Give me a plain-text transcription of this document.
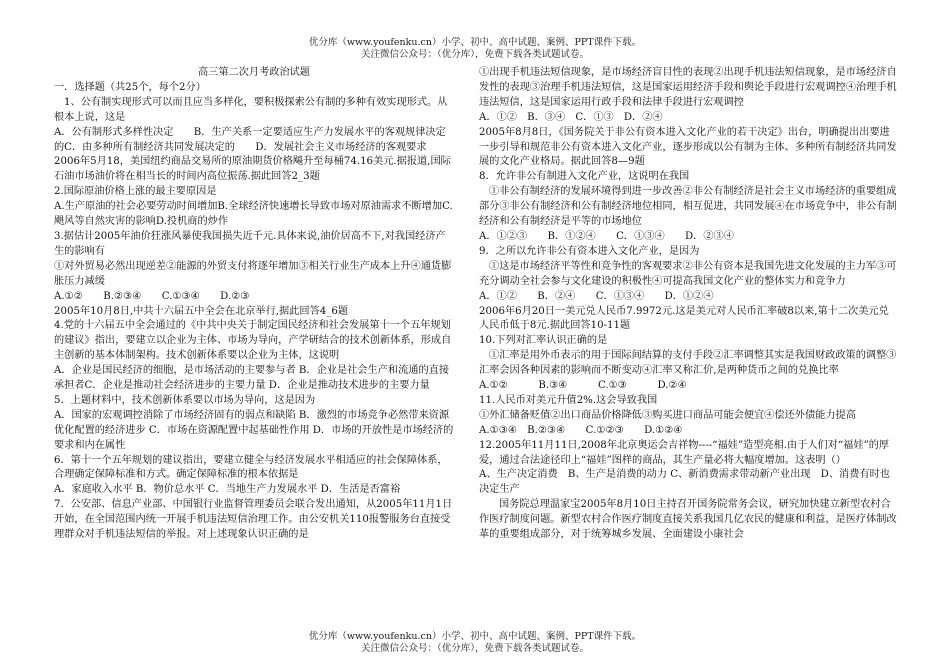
优分库（www.youfenku.cn）小学、初中、高中试题、案例、PPT课件下载。
关注微信公众号：（优分库），免费下载各类试题试卷。

高三第二次月考政治试题

一．选择题（共25个，每个2分）

1、公有制实现形式可以而且应当多样化，要积极探索公有制的多种有效实现形式。从根本上说，这是

A．公有制形式多样性决定　　B．生产关系一定要适应生产力发展水平的客观规律决定的C．由多种所有制经济共同发展决定的　　D．发展社会主义市场经济的客观要求

2006年5月18，美国纽约商品交易所的原油期货价格飚升至每桶74.16美元.据报道,国际石油市场油价将在相当长的时间内高位振荡.据此回答2_3题

2.国际原油价格上涨的最主要原因是

A.生产原油的社会必要劳动时间增加B.全球经济快速增长导致市场对原油需求不断增加C.飓风等自然灾害的影响D.投机商的炒作

3.据估计2005年油价狂涨风暴使我国损失近千元.具体来说,油价居高不下,对我国经济产生的影响有

①对外贸易必然出现逆差②能源的外贸支付将逐年增加③相关行业生产成本上升④通货膨胀压力减缓

A.①②　　B.②③④　　C.①③④　　D.②③

2005年10月8日,中共十六届五中全会在北京举行,据此回答4_6题

4.党的十六届五中全会通过的《中共中央关于制定国民经济和社会发展第十一个五年规划的建议》指出，要建立以企业为主体、市场为导向，产学研结合的技术创新体系，形成自主创新的基本体制架构。技术创新体系要以企业为主体，这说明

A．企业是国民经济的细胞，是市场活动的主要参与者 B．企业是社会生产和流通的直接承担者C．企业是推动社会经济进步的主要力量 D．企业是推动技术进步的主要力量

5．上题材料中，技术创新体系要以市场为导向，这是因为

A．国家的宏观调控消除了市场经济固有的弱点和缺陷 B．激烈的市场竞争必然带来资源优化配置的经济进步 C．市场在资源配置中起基础性作用 D．市场的开放性是市场经济的要求和内在属性

6．第十一个五年规划的建议指出，要建立健全与经济发展水平相适应的社会保障体系，合理确定保障标准和方式。确定保障标准的根本依据是

A．家庭收入水平 B．物价总水平 C．当地生产力发展水平 D．生活是否富裕

7．公安部、信息产业部、中国银行业监督管理委员会联合发出通知，从2005年11月1日开始，在全国范围内统一开展手机违法短信治理工作。由公安机关110报警服务台直接受理群众对手机违法短信的举报。对上述现象认识正确的是

①出现手机违法短信现象，是市场经济盲目性的表现②出现手机违法短信现象，是市场经济自发性的表现③治理手机违法短信，这是国家运用经济手段和舆论手段进行宏观调控④治理手机违法短信，这是国家运用行政手段和法律手段进行宏观调控

A．①②　B．③④　C．①③　D．②④

2005年8月8日，《国务院关于非公有资本进入文化产业的若干决定》出台，明确提出出要进一步引导和规范非公有资本进入文化产业，逐步形成以公有制为主体、多种所有制经济共同发展的文化产业格局。据此回答8—9题

8．允许非公有制进入文化产业，这说明在我国

①非公有制经济的发展环境得到进一步改善②非公有制经济是社会主义市场经济的重要组成部分③非公有制经济和公有制经济地位相同，相互促进，共同发展④在市场竞争中，非公有制经济和公有制经济是平等的市场地位

A．①②③　　B．①②④　　C．①③④　　D．②③④

9．之所以允许非公有资本进入文化产业，是因为

①这是市场经济平等性和竞争性的客观要求②非公有资本是我国先进文化发展的主力军③可充分调动全社会参与文化建设的积极性④可提高我国文化产业的整体实力和竞争力

A．①②　　B．②④　　C．①③④　　D．①②④

2006年6月20日一美元兑人民币7.9972元.这是美元对人民币汇率破8以来,第十二次美元兑人民币低于8元.据此回答10-11题

10.下列对汇率认识正确的是

①汇率是用外币表示的用于国际间结算的支付手段②汇率调整其实是我国财政政策的调整③汇率会因各种因素的影响而不断变动④汇率又称汇价,是两种货币之间的兑换比率

A.①②　　　B.③④　　　C.①③　　　D.②④

11.人民币对美元升值2%.这会导致我国

①外汇储备贬值②出口商品价格降低③购买进口商品可能会便宜④偿还外债能力提高

A.①③④　B.②③④　　C.①②③　　D.①②④

12.2005年11月11日,2008年北京奥运会吉祥物----“福娃”造型亮相.由于人们对“福娃”的厚爱，通过合法途径印上“福娃”图样的商品，其生产量必将大幅度增加。这表明（）

A、生产决定消费　B、生产是消费的动力 C、新消费需求带动新产业出现　D、消费有时也决定生产

国务院总理温家宝2005年8月10日主持召开国务院常务会议，研究加快建立新型农村合作医疗制度问题。新型农村合作医疗制度直接关系我国几亿农民的健康和利益，是医疗体制改革的重要组成部分，对于统筹城乡发展、全面建设小康社会

优分库（www.youfenku.cn）小学、初中、高中试题、案例、PPT课件下载。
关注微信公众号：（优分库），免费下载各类试题试卷。
